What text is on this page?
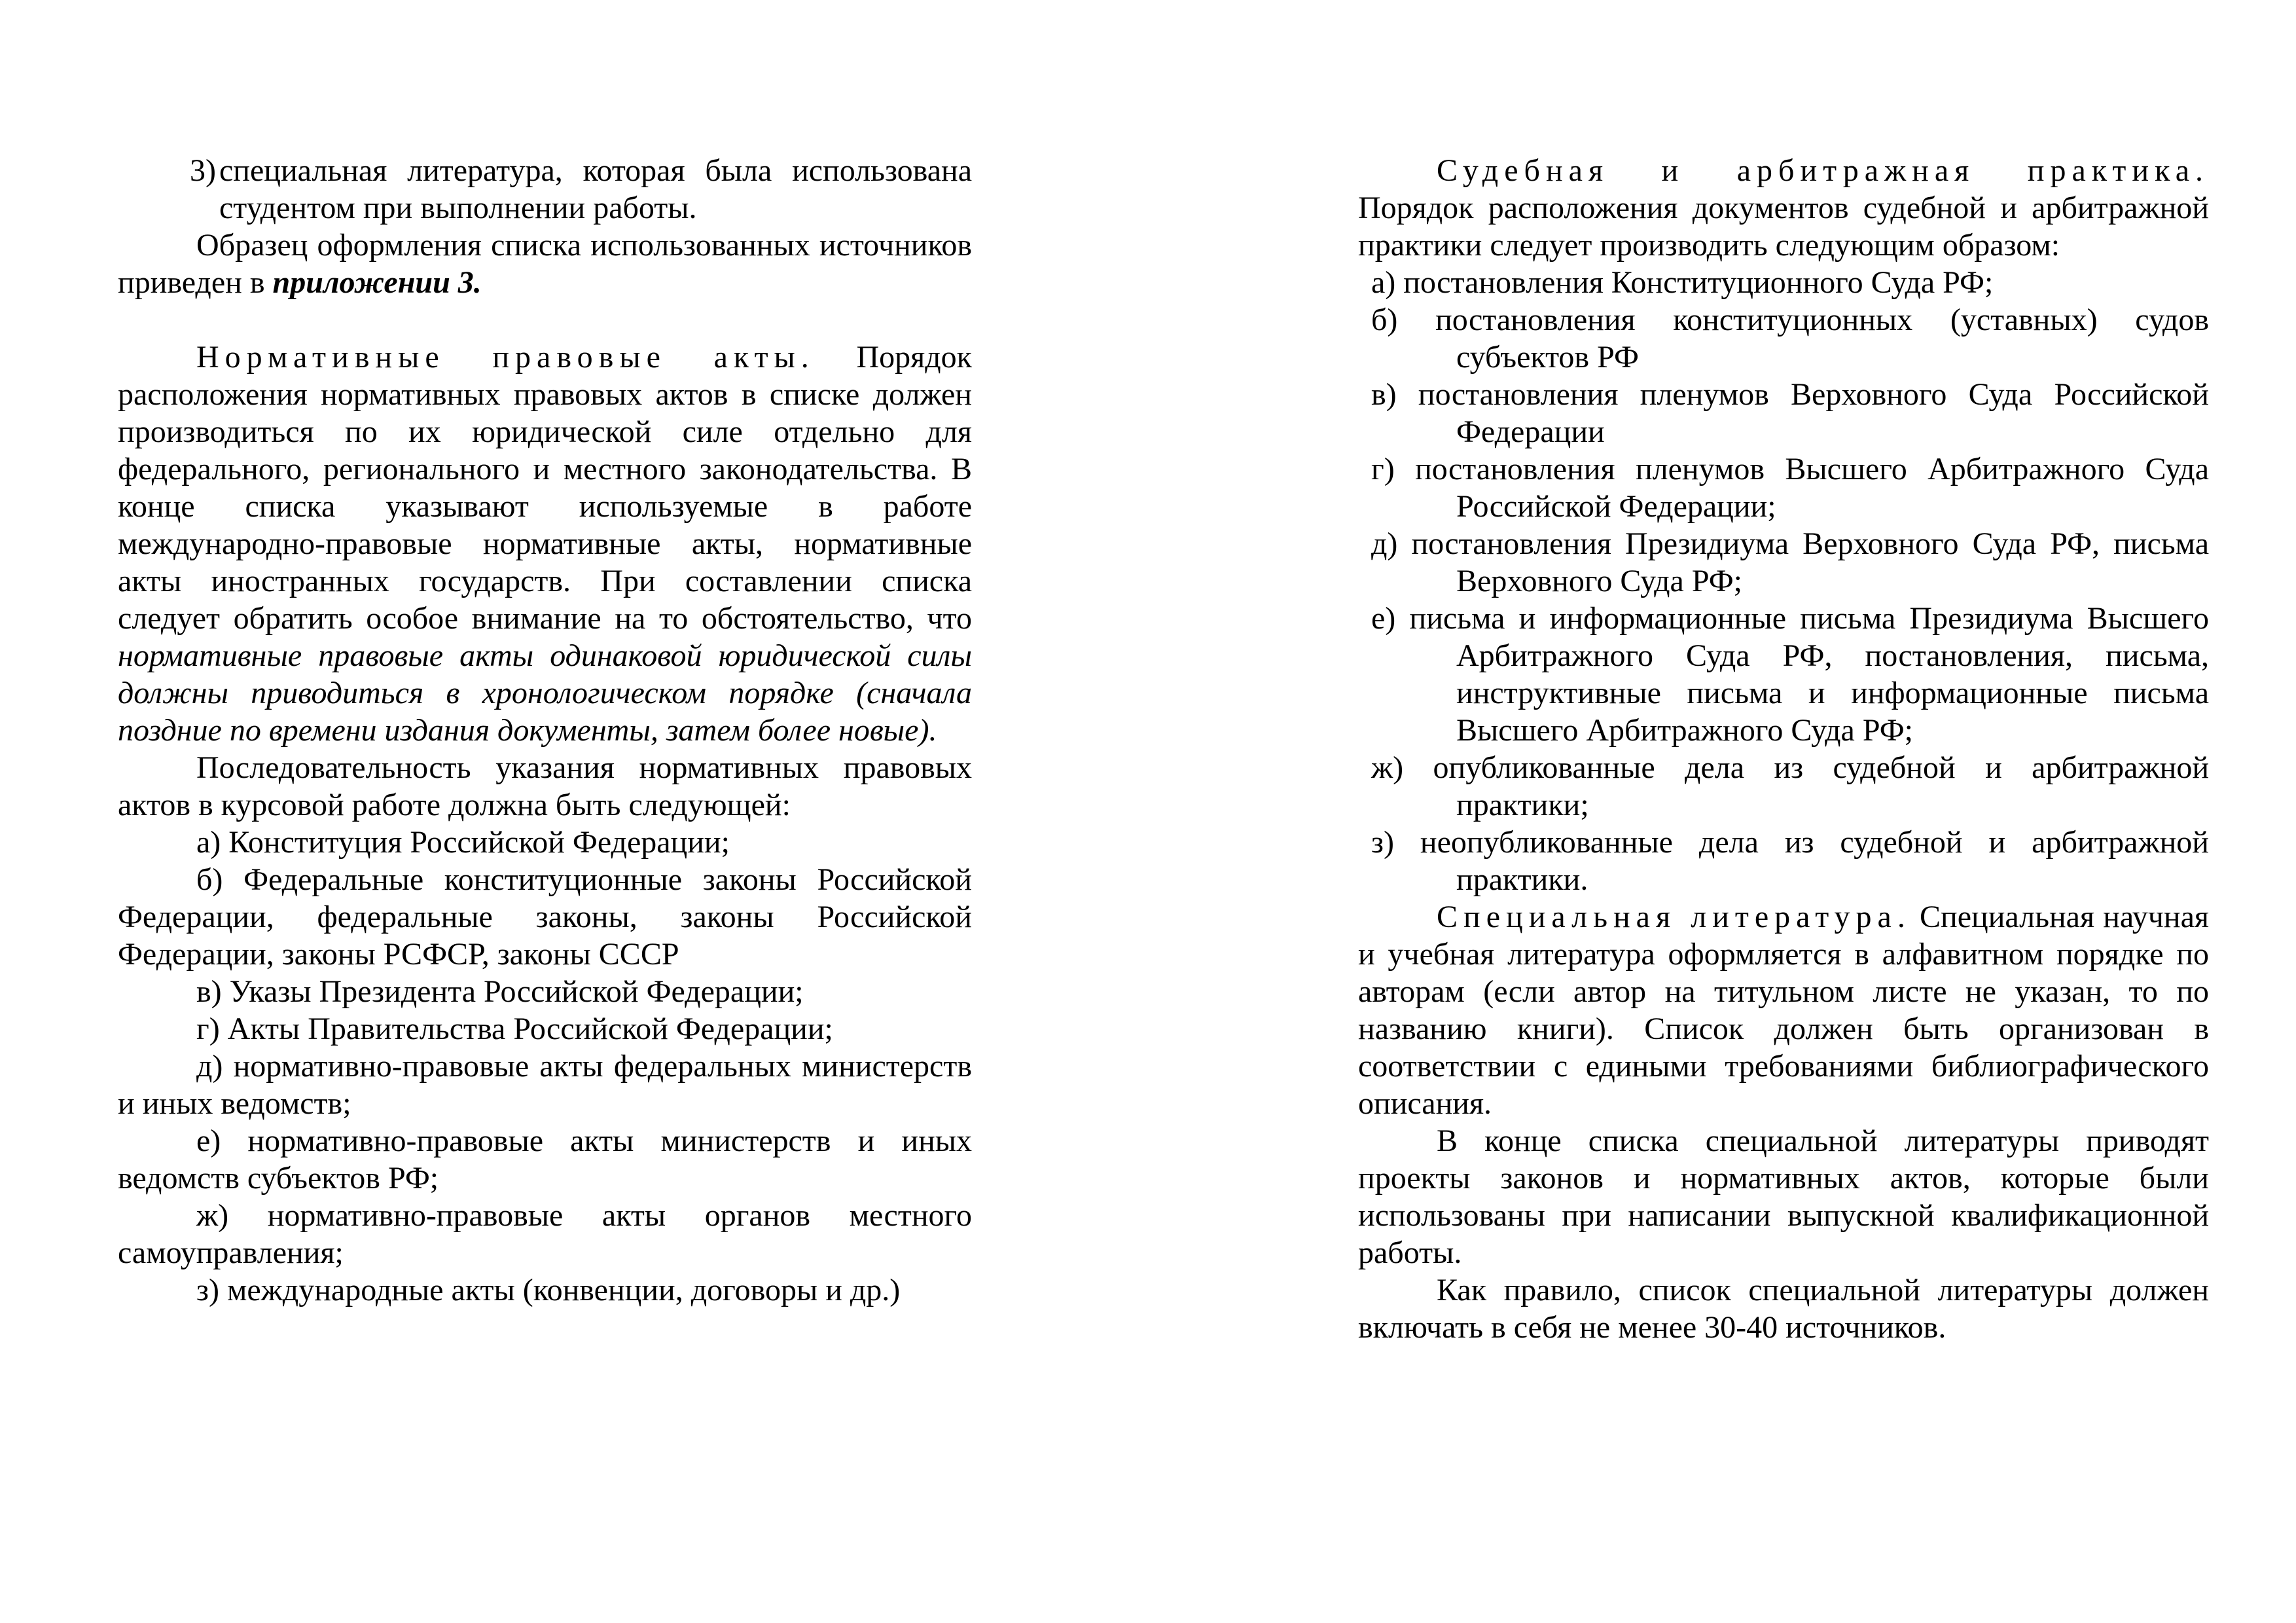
3) специальная литература, которая была использована студентом при выполнении работы.

Образец оформления списка использованных источников приведен в приложении 3.

Нормативные правовые акты. Порядок расположения нормативных правовых актов в списке должен производиться по их юридической силе отдельно для федерального, регионального и местного законодательства. В конце списка указывают используемые в работе международно-правовые нормативные акты, нормативные акты иностранных государств. При составлении списка следует обратить особое внимание на то обстоятельство, что нормативные правовые акты одинаковой юридической силы должны приводиться в хронологическом порядке (сначала поздние по времени издания документы, затем более новые).

Последовательность указания нормативных правовых актов в курсовой работе должна быть следующей:

а) Конституция Российской Федерации;

б) Федеральные конституционные законы Российской Федерации, федеральные законы, законы Российской Федерации, законы РСФСР, законы СССР

в) Указы Президента Российской Федерации;

г) Акты Правительства Российской Федерации;

д) нормативно-правовые акты федеральных министерств и иных ведомств;

е) нормативно-правовые акты министерств и иных ведомств субъектов РФ;

ж) нормативно-правовые акты органов местного самоуправления;

з) международные акты (конвенции, договоры и др.)

Судебная и арбитражная практика. Порядок расположения документов судебной и арбитражной практики следует производить следующим образом:

а) постановления Конституционного Суда РФ;

б) постановления конституционных (уставных) судов субъектов РФ

в) постановления пленумов Верховного Суда Российской Федерации

г) постановления пленумов Высшего Арбитражного Суда Российской Федерации;

д) постановления Президиума Верховного Суда РФ, письма Верховного Суда РФ;

е) письма и информационные письма Президиума Высшего Арбитражного Суда РФ, постановления, письма, инструктивные письма и информационные письма Высшего Арбитражного Суда РФ;

ж) опубликованные дела из судебной и арбитражной практики;

з) неопубликованные дела из судебной и арбитражной практики.

Специальная литература. Специальная научная и учебная литература оформляется в алфавитном порядке по авторам (если автор на титульном листе не указан, то по названию книги). Список должен быть организован в соответствии с едиными требованиями библиографического описания.

В конце списка специальной литературы приводят проекты законов и нормативных актов, которые были использованы при написании выпускной квалификационной работы.

Как правило, список специальной литературы должен включать в себя не менее 30-40 источников.
